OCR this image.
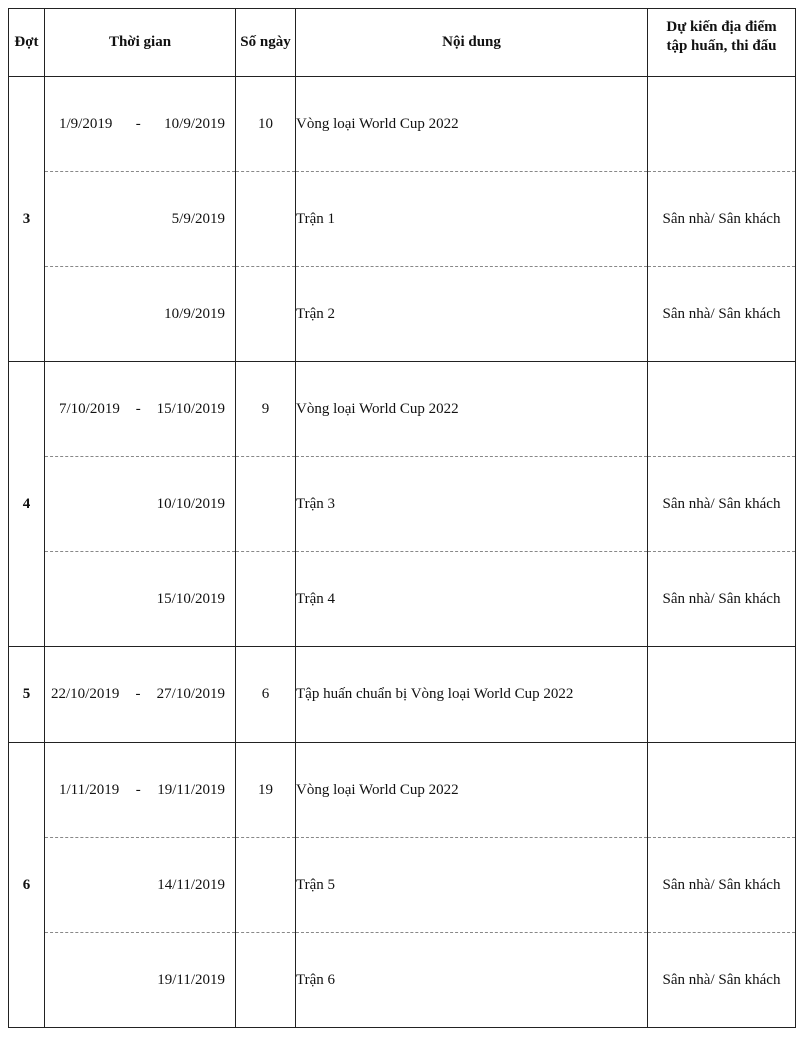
Đợt	Thời gian	Số ngày	Nội dung	Dự kiến địa điểm
tập huấn, thi đấu

3	1/9/2019 - 10/9/2019	10	Vòng loại World Cup 2022	

	5/9/2019		Trận 1	Sân nhà/ Sân khách

	10/9/2019		Trận 2	Sân nhà/ Sân khách
4	7/10/2019 - 15/10/2019	9	Vòng loại World Cup 2022	

	10/10/2019		Trận 3	Sân nhà/ Sân khách

	15/10/2019		Trận 4	Sân nhà/ Sân khách
5	22/10/2019 - 27/10/2019	6	Tập huấn chuẩn bị Vòng loại World Cup 2022	
6	1/11/2019 - 19/11/2019	19	Vòng loại World Cup 2022	

	14/11/2019		Trận 5	Sân nhà/ Sân khách

	19/11/2019		Trận 6	Sân nhà/ Sân khách
